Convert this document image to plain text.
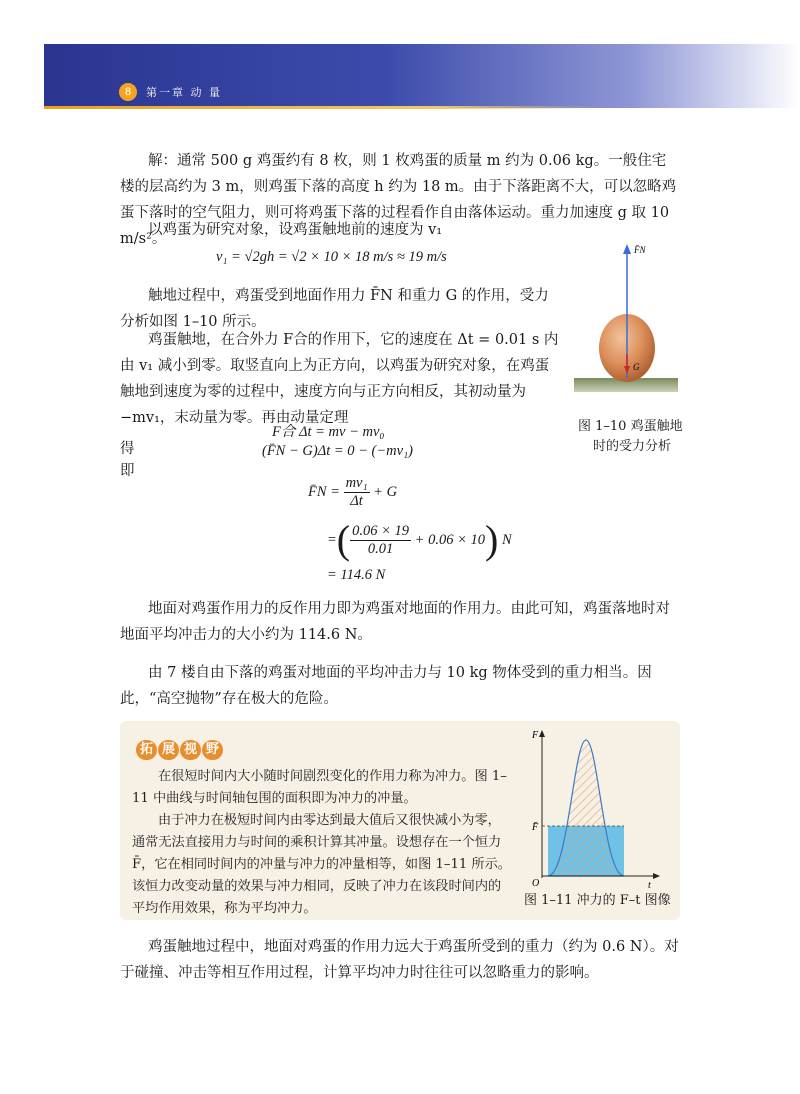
8	第一章 动 量

解：通常 500 g 鸡蛋约有 8 枚，则 1 枚鸡蛋的质量 m 约为 0.06 kg。一般住宅楼的层高约为 3 m，则鸡蛋下落的高度 h 约为 18 m。由于下落距离不大，可以忽略鸡蛋下落时的空气阻力，则可将鸡蛋下落的过程看作自由落体运动。重力加速度 g 取 10 m/s²。

以鸡蛋为研究对象，设鸡蛋触地前的速度为 v₁

v₁ = √2gh = √2 × 10 × 18 m/s ≈ 19 m/s

触地过程中，鸡蛋受到地面作用力 F̄N 和重力 G 的作用，受力分析如图 1–10 所示。

鸡蛋触地，在合外力 F合的作用下，它的速度在 Δt = 0.01 s 内由 v₁ 减小到零。取竖直向上为正方向，以鸡蛋为研究对象，在鸡蛋触地到速度为零的过程中，速度方向与正方向相反，其初动量为 −mv₁，末动量为零。再由动量定理

F合 Δt = mv − mv₀
得	(F̄N − G)Δt = 0 − (−mv₁)
即
F̄N =
$\frac{\text{mv₁}}{\Delta t}$
+ G
= ( $\frac{0.06 \times 19}{0.01}$
+ 0.06 × 10 )
N
= 114.6 N

地面对鸡蛋作用力的反作用力即为鸡蛋对地面的作用力。由此可知，鸡蛋落地时对地面平均冲击力的大小约为 114.6 N。

由 7 楼自由下落的鸡蛋对地面的平均冲击力与 10 kg 物体受到的重力相当。因此，“高空抛物”存在极大的危险。

F̄N
G
图 1–10 鸡蛋触地
时的受力分析
拓 展 视 野

在很短时间内大小随时间剧烈变化的作用力称为冲力。图 1–11 中曲线与时间轴包围的面积即为冲力的冲量。

由于冲力在极短时间内由零达到最大值后又很快减小为零，通常无法直接用力与时间的乘积计算其冲量。设想存在一个恒力 F̄，它在相同时间内的冲量与冲力的冲量相等，如图 1–11 所示。该恒力改变动量的效果与冲力相同，反映了冲力在该段时间内的平均作用效果，称为平均冲力。

F
t
O
F̄
图 1–11 冲力的 F–t 图像

鸡蛋触地过程中，地面对鸡蛋的作用力远大于鸡蛋所受到的重力（约为 0.6 N）。对于碰撞、冲击等相互作用过程，计算平均冲力时往往可以忽略重力的影响。
